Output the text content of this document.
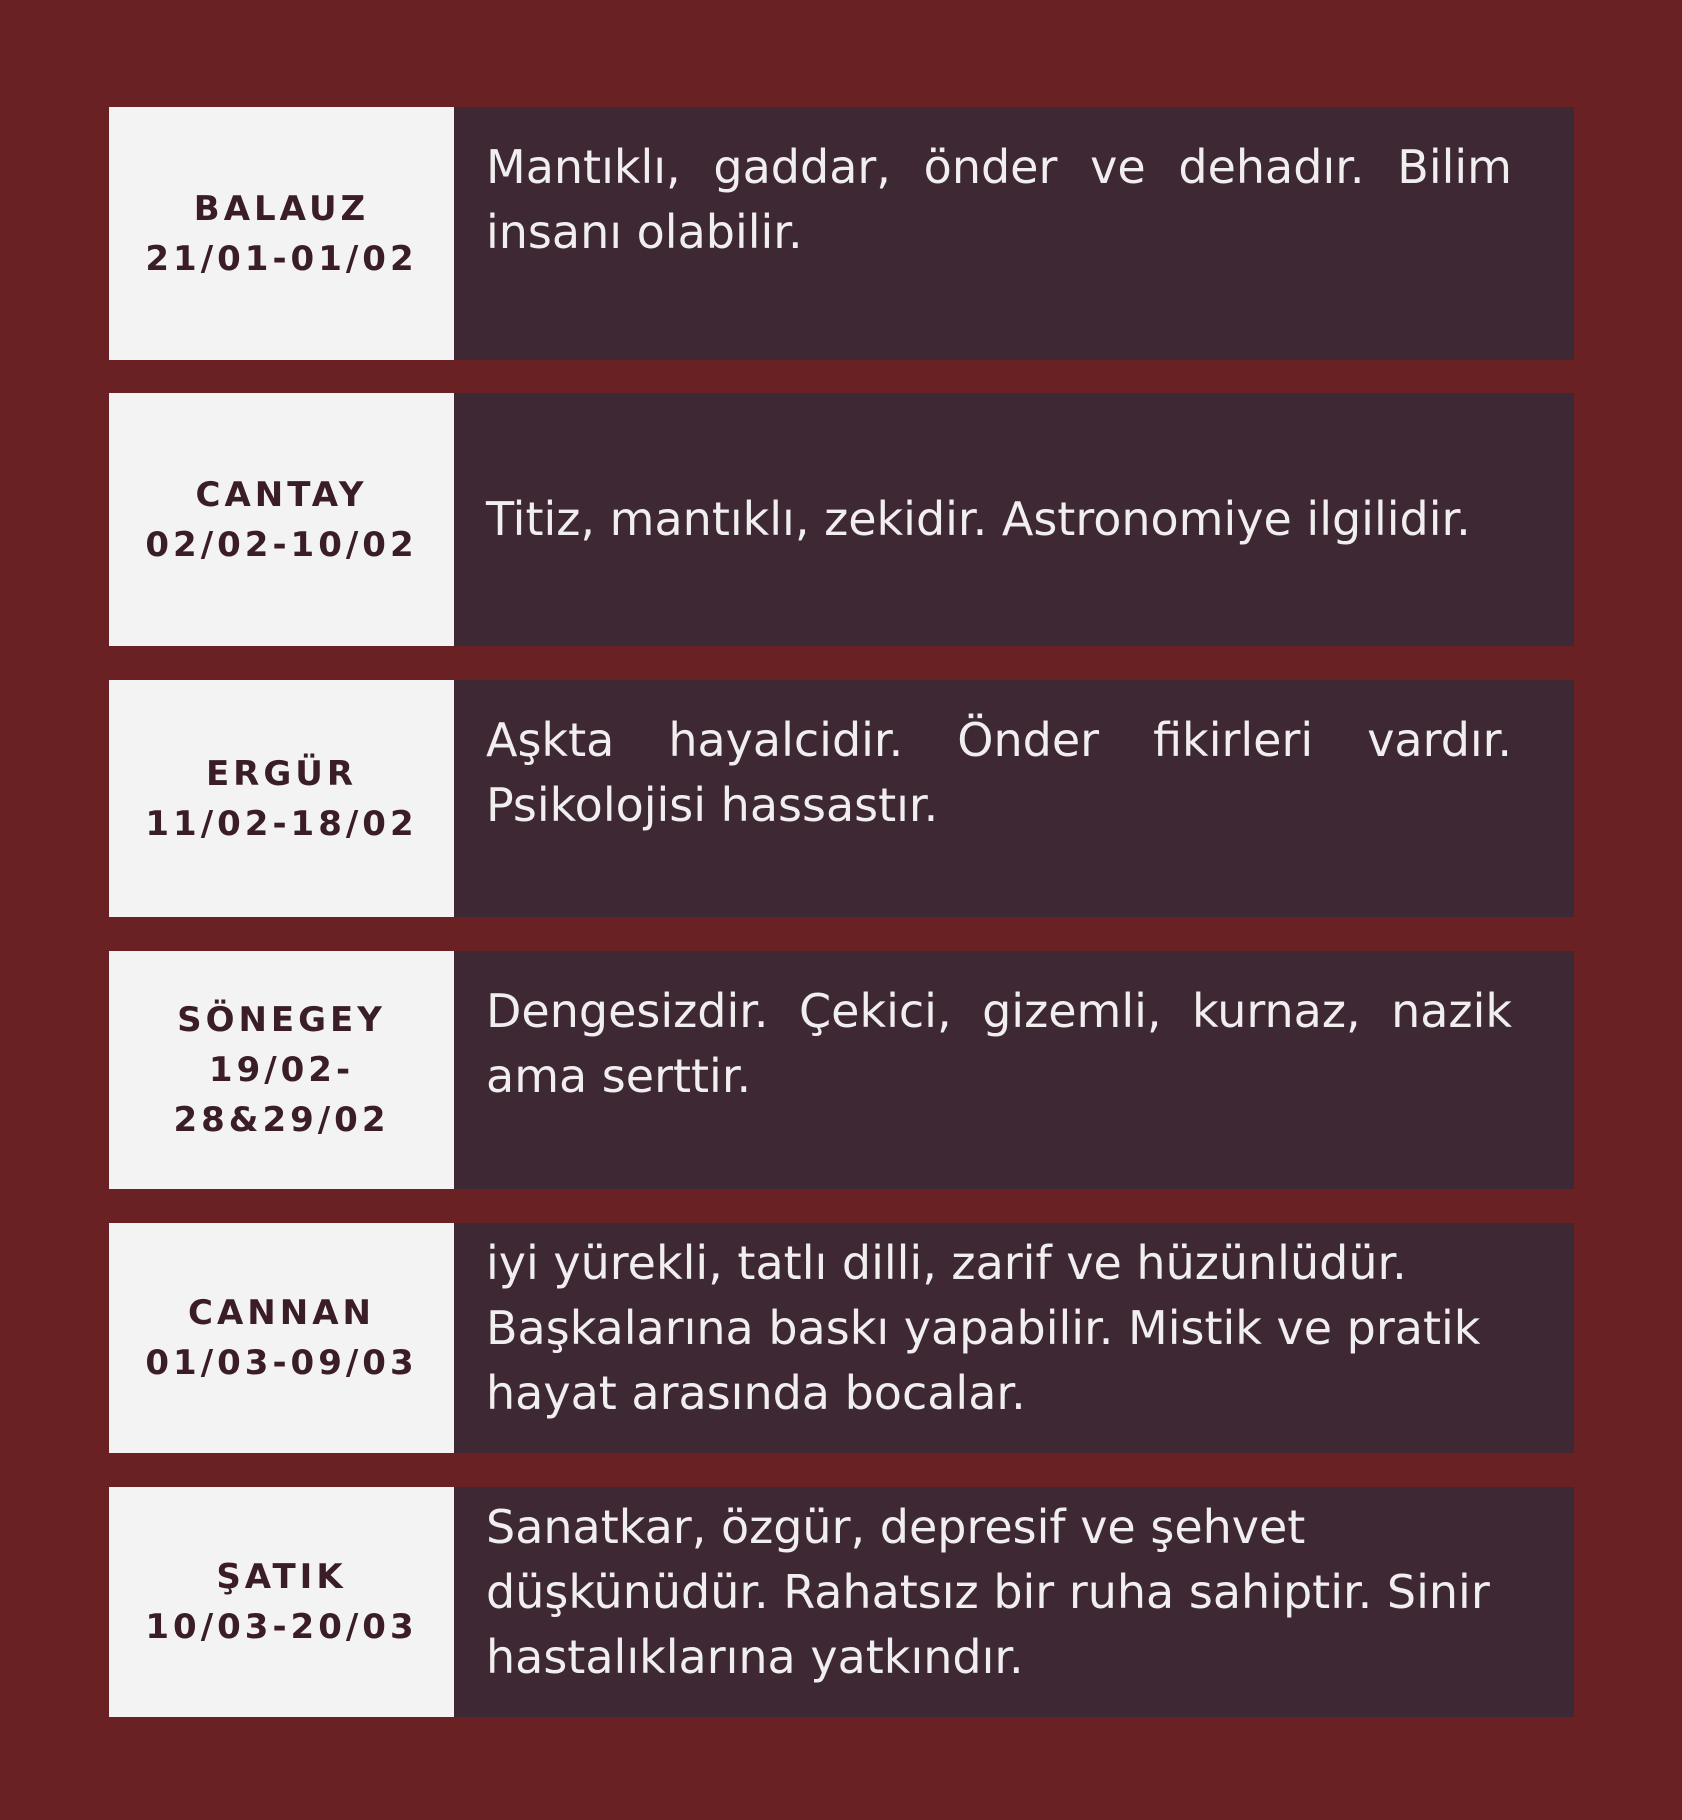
BALAUZ
21/01-01/02

Mantıklı, gaddar, önder ve dehadır. Bilim insanı olabilir.

CANTAY
02/02-10/02 Titiz, mantıklı, zekidir. Astronomiye ilgilidir.

ERGÜR
11/02-18/02

Aşkta hayalcidir. Önder fikirleri vardır. Psikolojisi hassastır.

SÖNEGEY
19/02-
28&29/02

Dengesizdir. Çekici, gizemli, kurnaz, nazik ama serttir.

CANNAN
01/03-09/03

iyi yürekli, tatlı dilli, zarif ve hüzünlüdür. Başkalarına baskı yapabilir. Mistik ve pratik hayat arasında bocalar.

ŞATIK
10/03-20/03

Sanatkar, özgür, depresif ve şehvet düşkünüdür. Rahatsız bir ruha sahiptir. Sinir hastalıklarına yatkındır.
